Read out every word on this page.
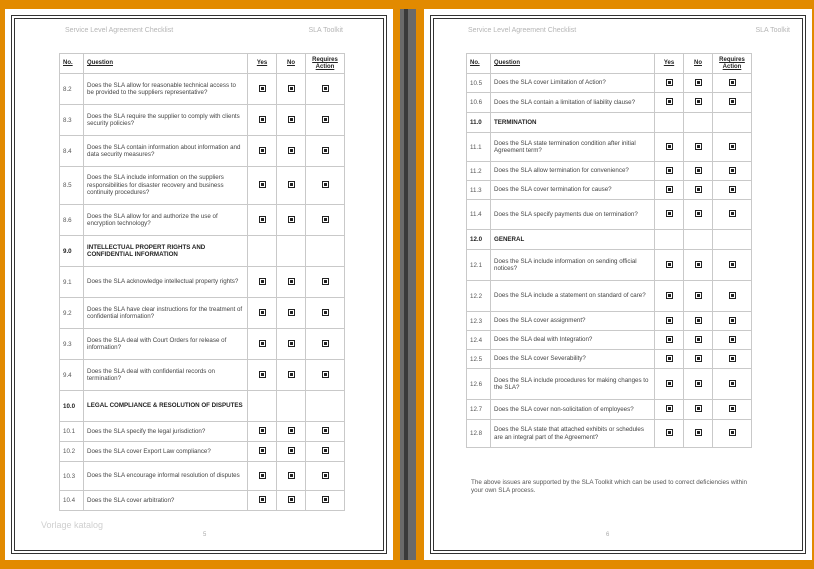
Service Level Agreement Checklist	SLA Toolkit
No.	Question	Yes	No	Requires Action
8.2	Does the SLA allow for reasonable technical access to be provided to the suppliers representative?			
8.3	Does the SLA require the supplier to comply with clients security policies?			
8.4	Does the SLA contain information about information and data security measures?			
8.5	Does the SLA include information on the suppliers responsibilities for disaster recovery and business continuity procedures?			
8.6	Does the SLA allow for and authorize the use of encryption technology?			
9.0	INTELLECTUAL PROPERT RIGHTS AND CONFIDENTIAL INFORMATION			
9.1	Does the SLA acknowledge intellectual property rights?			
9.2	Does the SLA have clear instructions for the treatment of confidential information?			
9.3	Does the SLA deal with Court Orders for release of information?			
9.4	Does the SLA deal with confidential records on termination?			
10.0	LEGAL COMPLIANCE & RESOLUTION OF DISPUTES			
10.1	Does the SLA specify the legal jurisdiction?			
10.2	Does the SLA cover Export Law compliance?			
10.3	Does the SLA encourage informal resolution of disputes			
10.4	Does the SLA cover arbitration?			
Vorlage katalog
5
Service Level Agreement Checklist	SLA Toolkit
No.	Question	Yes	No	Requires Action
10.5	Does the SLA cover Limitation of Action?			
10.6	Does the SLA contain a limitation of liability clause?			
11.0	TERMINATION			
11.1	Does the SLA state termination condition after initial Agreement term?			
11.2	Does the SLA allow termination for convenience?			
11.3	Does the SLA cover termination for cause?			
11.4	Does the SLA specify payments due on termination?			
12.0	GENERAL			
12.1	Does the SLA include information on sending official notices?			
12.2	Does the SLA include a statement on standard of care?			
12.3	Does the SLA cover assignment?			
12.4	Does the SLA deal with Integration?			
12.5	Does the SLA cover Severability?			
12.6	Does the SLA include procedures for making changes to the SLA?			
12.7	Does the SLA cover non-solicitation of employees?			
12.8	Does the SLA state that attached exhibits or schedules are an integral part of the Agreement?			
The above issues are supported by the SLA Toolkit which can be used to correct deficiencies within your own SLA process.
6
